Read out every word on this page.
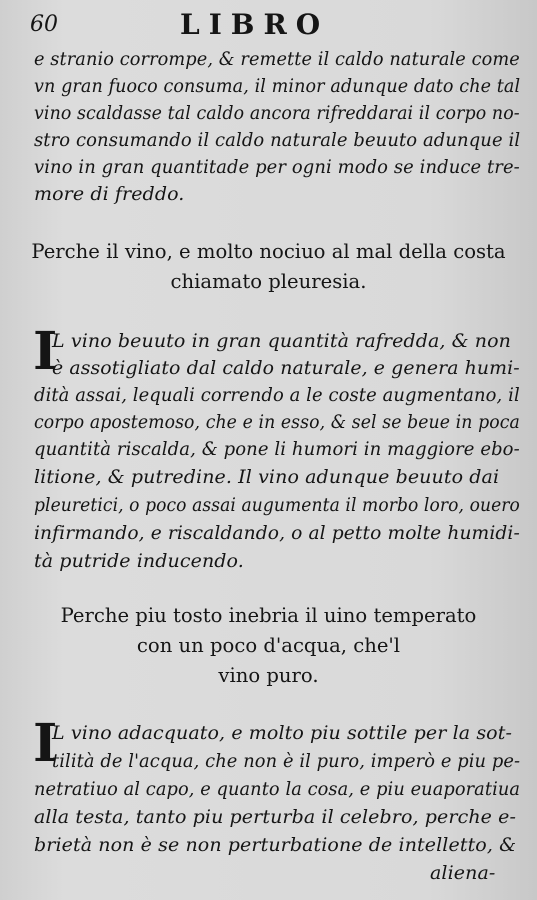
60	LIBRO
e stranio corrompe, & remette il caldo naturale come
vn gran fuoco consuma, il minor adunque dato che tal
vino scaldasse tal caldo ancora rifreddarai il corpo no-
stro consumando il caldo naturale beuuto adunque il
vino in gran quantitade per ogni modo se induce tre-
more di freddo.
Perche il vino, e molto nociuo al mal della costa
chiamato pleuresia.
I
L vino beuuto in gran quantità rafredda, & non
è assotigliato dal caldo naturale, e genera humi-
dità assai, lequali correndo a le coste augmentano, il
corpo apostemoso, che e in esso, & sel se beue in poca
quantità riscalda, & pone li humori in maggiore ebo-
litione, & putredine. Il vino adunque beuuto dai
pleuretici, o poco assai augumenta il morbo loro, ouero
infirmando, e riscaldando, o al petto molte humidi-
tà putride inducendo.
Perche piu tosto inebria il uino temperato
con un poco d'acqua, che'l
vino puro.
I
L vino adacquato, e molto piu sottile per la sot-
tilità de l'acqua, che non è il puro, imperò e piu pe-
netratiuo al capo, e quanto la cosa, e piu euaporatiua
alla testa, tanto piu perturba il celebro, perche e-
brietà non è se non perturbatione de intelletto, &
aliena-
